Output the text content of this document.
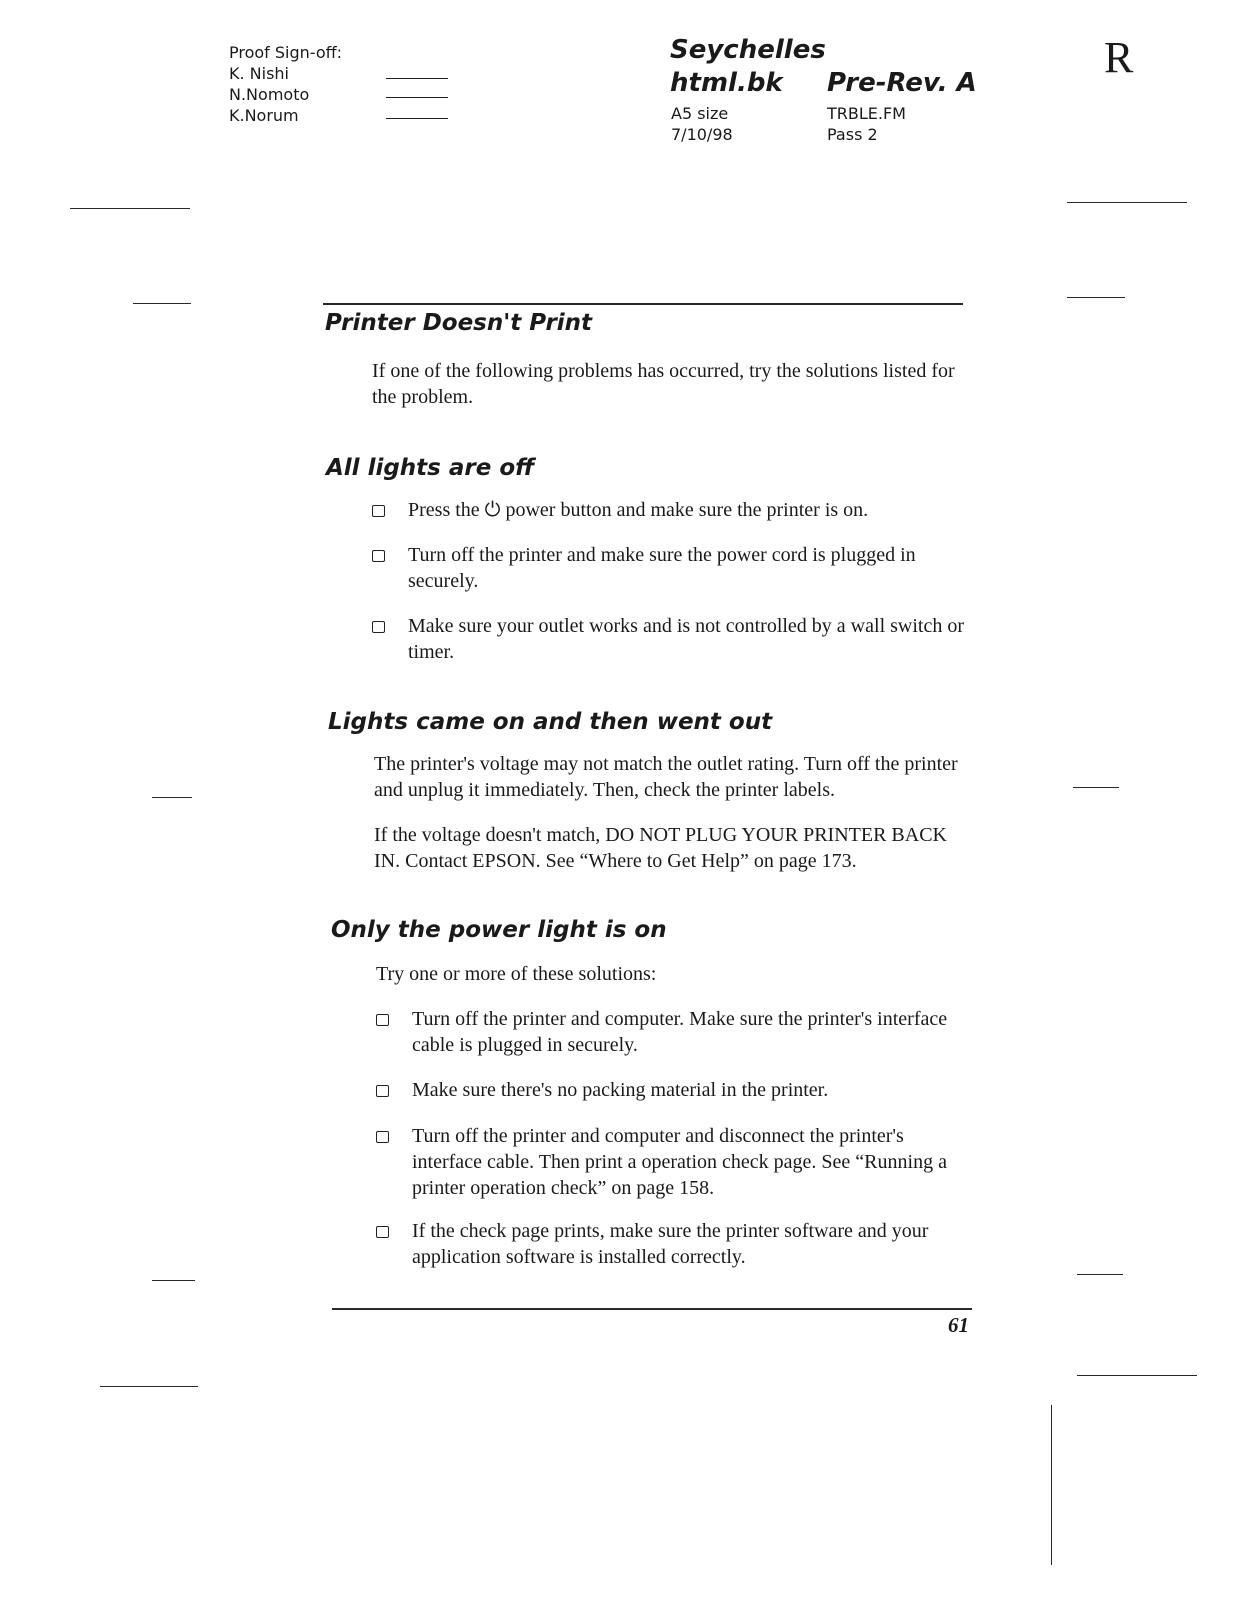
Proof Sign-off:
K. Nishi
N.Nomoto
K.Norum
Seychelles
html.bk Pre-Rev. A
A5 size
7/10/98
TRBLE.FM
Pass 2
R
Printer Doesn't Print

If one of the following problems has occurred, try the solutions listed for the problem.

All lights are off
Press the ⏻ power button and make sure the printer is on.
Turn off the printer and make sure the power cord is plugged in securely.
Make sure your outlet works and is not controlled by a wall switch or timer.
Lights came on and then went out

The printer's voltage may not match the outlet rating. Turn off the printer and unplug it immediately. Then, check the printer labels.

If the voltage doesn't match, DO NOT PLUG YOUR PRINTER BACK IN. Contact EPSON. See “Where to Get Help” on page 173.

Only the power light is on

Try one or more of these solutions:

Turn off the printer and computer. Make sure the printer's interface cable is plugged in securely.
Make sure there's no packing material in the printer.
Turn off the printer and computer and disconnect the printer's interface cable. Then print a operation check page. See “Running a printer operation check” on page 158.
If the check page prints, make sure the printer software and your application software is installed correctly.
61
